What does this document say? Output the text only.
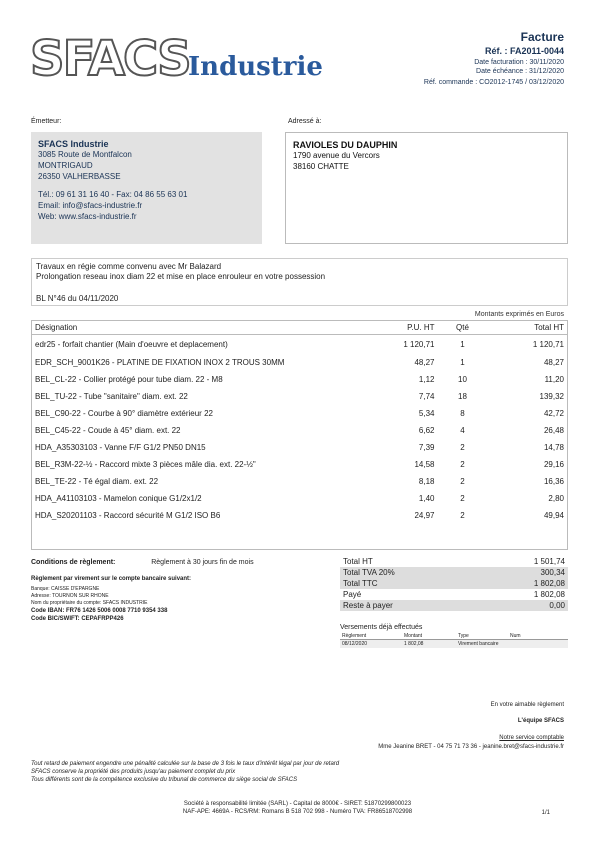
SFACS
Industrie
Facture
Réf. : FA2011-0044
Date facturation : 30/11/2020
Date échéance : 31/12/2020
Réf. commande : CO2012-1745 / 03/12/2020
Émetteur:	Adressé à:
SFACS Industrie
3085 Route de Montfalcon
MONTRIGAUD
26350 VALHERBASSE
Tél.: 09 61 31 16 40 - Fax: 04 86 55 63 01
Email: info@sfacs-industrie.fr
Web: www.sfacs-industrie.fr
RAVIOLES DU DAUPHIN
1790 avenue du Vercors
38160 CHATTE
Travaux en régie comme convenu avec Mr Balazard
Prolongation reseau inox diam 22 et mise en place enrouleur en votre possession
BL N°46 du 04/11/2020
Montants exprimés en Euros
Désignation	P.U. HT	Qté	Total HT
edr25 - forfait chantier (Main d'oeuvre et deplacement)	1 120,71	1	1 120,71
EDR_SCH_9001K26 - PLATINE DE FIXATION INOX 2 TROUS 30MM	48,27	1	48,27
BEL_CL-22 - Collier protégé pour tube diam. 22 - M8	1,12	10	11,20
BEL_TU-22 - Tube "sanitaire" diam. ext. 22	7,74	18	139,32
BEL_C90-22 - Courbe à 90° diamètre extérieur 22	5,34	8	42,72
BEL_C45-22 - Coude à 45° diam. ext. 22	6,62	4	26,48
HDA_A35303103 - Vanne F/F G1/2 PN50 DN15	7,39	2	14,78
BEL_R3M-22-½ - Raccord mixte 3 pièces mâle dia. ext. 22-½"	14,58	2	29,16
BEL_TE-22 - Té égal diam. ext. 22	8,18	2	16,36
HDA_A41103103 - Mamelon conique G1/2x1/2	1,40	2	2,80
HDA_S20201103 - Raccord sécurité M G1/2 ISO B6	24,97	2	49,94

Conditions de règlement:	Règlement à 30 jours fin de mois
Règlement par virement sur le compte bancaire suivant:
Banque: CAISSE D'EPARGNE
Adresse: TOURNON SUR RHONE
Nom du propriétaire du compte: SFACS INDUSTRIE
Code IBAN: FR76 1426 5006 0008 7710 9354 338
Code BIC/SWIFT: CEPAFRPP426
Total HT	1 501,74
Total TVA 20%	300,34
Total TTC	1 802,08
Payé	1 802,08
Reste à payer	0,00
Versements déjà effectués
Règlement	Montant	Type	Num
08/12/2020	1 802,08	Virement bancaire	
En votre aimable règlement
L'équipe SFACS
Notre service comptable
Mme Jeanine BRET - 04 75 71 73 36 - jeanine.bret@sfacs-industrie.fr
Tout retard de paiement engendre une pénalité calculée sur la base de 3 fois le taux d'intérêt légal par jour de retard
SFACS conserve la propriété des produits jusqu'au paiement complet du prix
Tous différents sont de la compétence exclusive du tribunal de commerce du siège social de SFACS
Société à responsabilité limitée (SARL) - Capital de 8000€ - SIRET: 51870299800023
NAF-APE: 4669A - RCS/RM: Romans B 518 702 998 - Numéro TVA: FR86518702998	1/1
